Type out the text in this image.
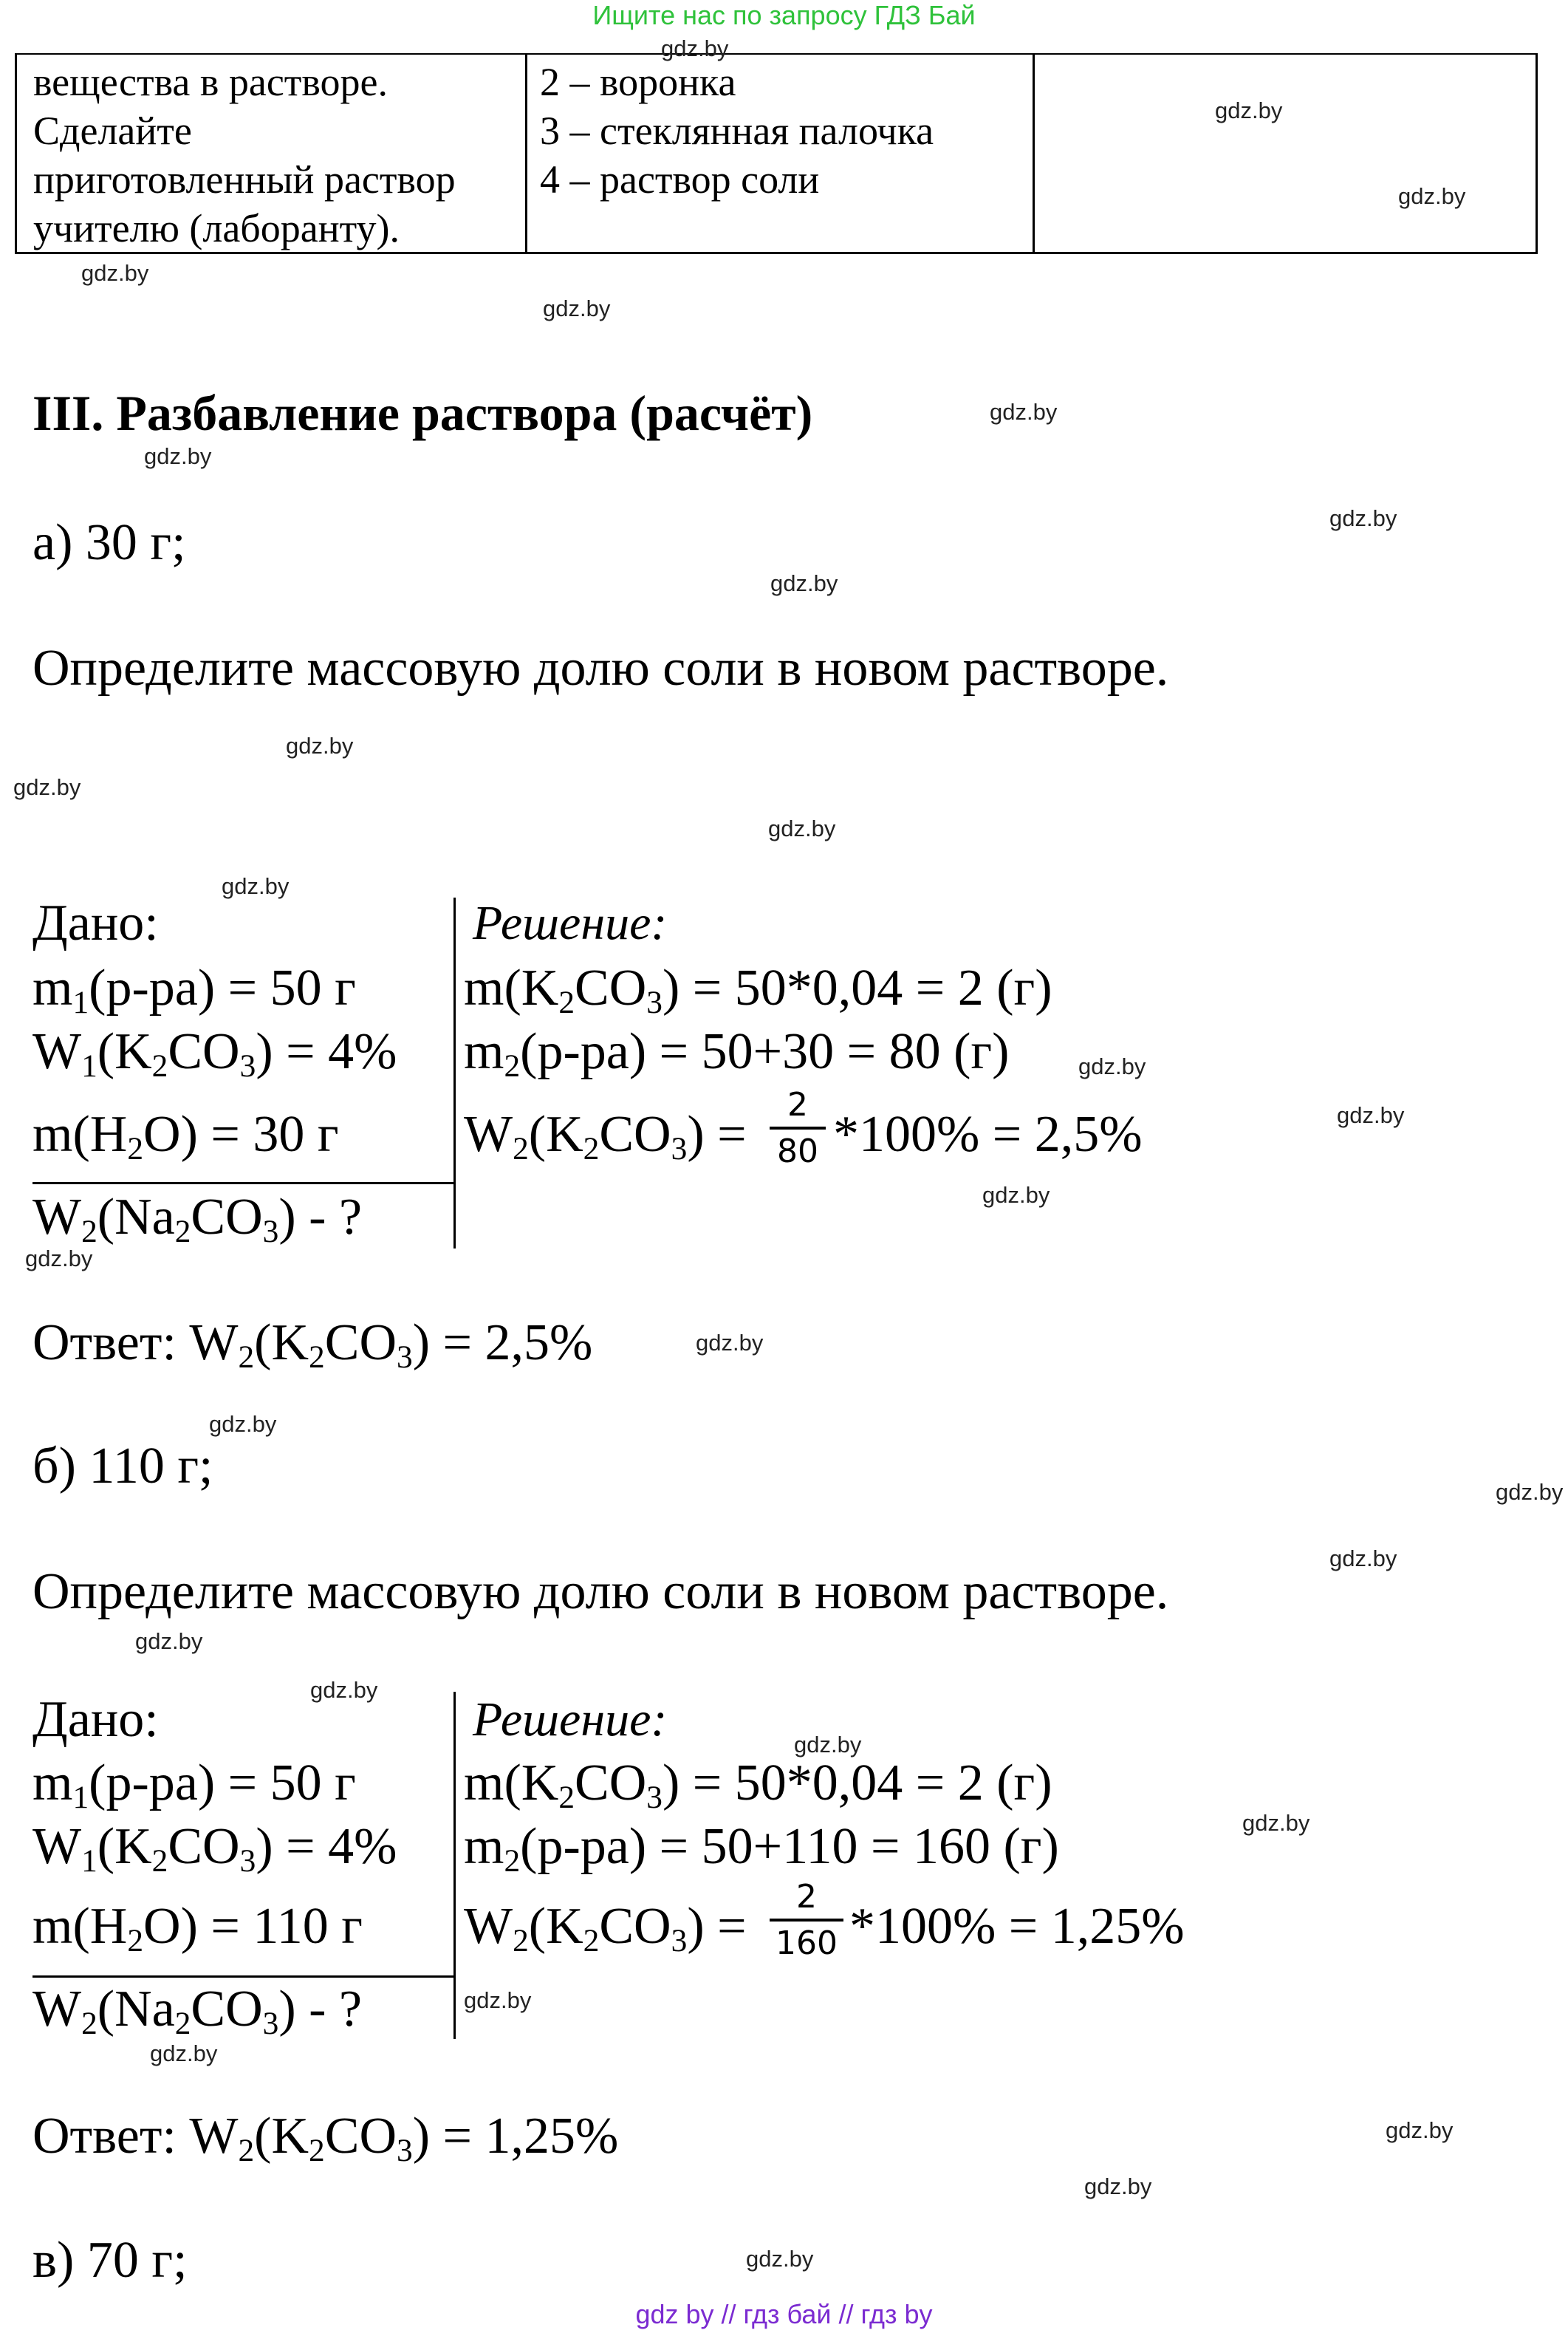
Ищите нас по запросу ГДЗ Бай
gdz by // гдз бай // гдз by
вещества в растворе.
Сделайте
приготовленный раствор
учителю (лаборанту).
2 – воронка
3 – стеклянная палочка
4 – раствор соли
III. Разбавление раствора (расчёт)
а) 30 г;
Определите массовую долю соли в новом растворе.
Дано:	Решение:
$m_1(р-ра) = 50$ г
$W_1(K_2CO_3) = 4\%$
$m(H_2O) = 30$ г
$W_2(Na_2CO_3)$ - ?
$m(K_2CO_3) = 50*0,04 = 2$ (г)
$m_2(р-ра) = 50+30 = 80$ (г)
$W_2(K_2CO_3)$ =
2
80 *100% = 2,5%
Ответ: $W_2(K_2CO_3) = 2,5\%$
б) 110 г;
Определите массовую долю соли в новом растворе.
Дано:	Решение:
$m_1(р-ра) = 50$ г
$W_1(K_2CO_3) = 4\%$
$m(H_2O) = 110$ г
$W_2(Na_2CO_3)$ - ?
$m(K_2CO_3) = 50*0,04 = 2$ (г)
$m_2(р-ра) = 50+110 = 160$ (г)
$W_2(K_2CO_3)$ =
2
160 *100% = 1,25%
Ответ: $W_2(K_2CO_3) = 1,25\%$
в) 70 г;
gdz.by
gdz.by
gdz.by
gdz.by
gdz.by
gdz.by
gdz.by
gdz.by
gdz.by
gdz.by
gdz.by
gdz.by
gdz.by
gdz.by
gdz.by
gdz.by
gdz.by
gdz.by
gdz.by
gdz.by
gdz.by
gdz.by
gdz.by
gdz.by
gdz.by
gdz.by
gdz.by
gdz.by
gdz.by
gdz.by
